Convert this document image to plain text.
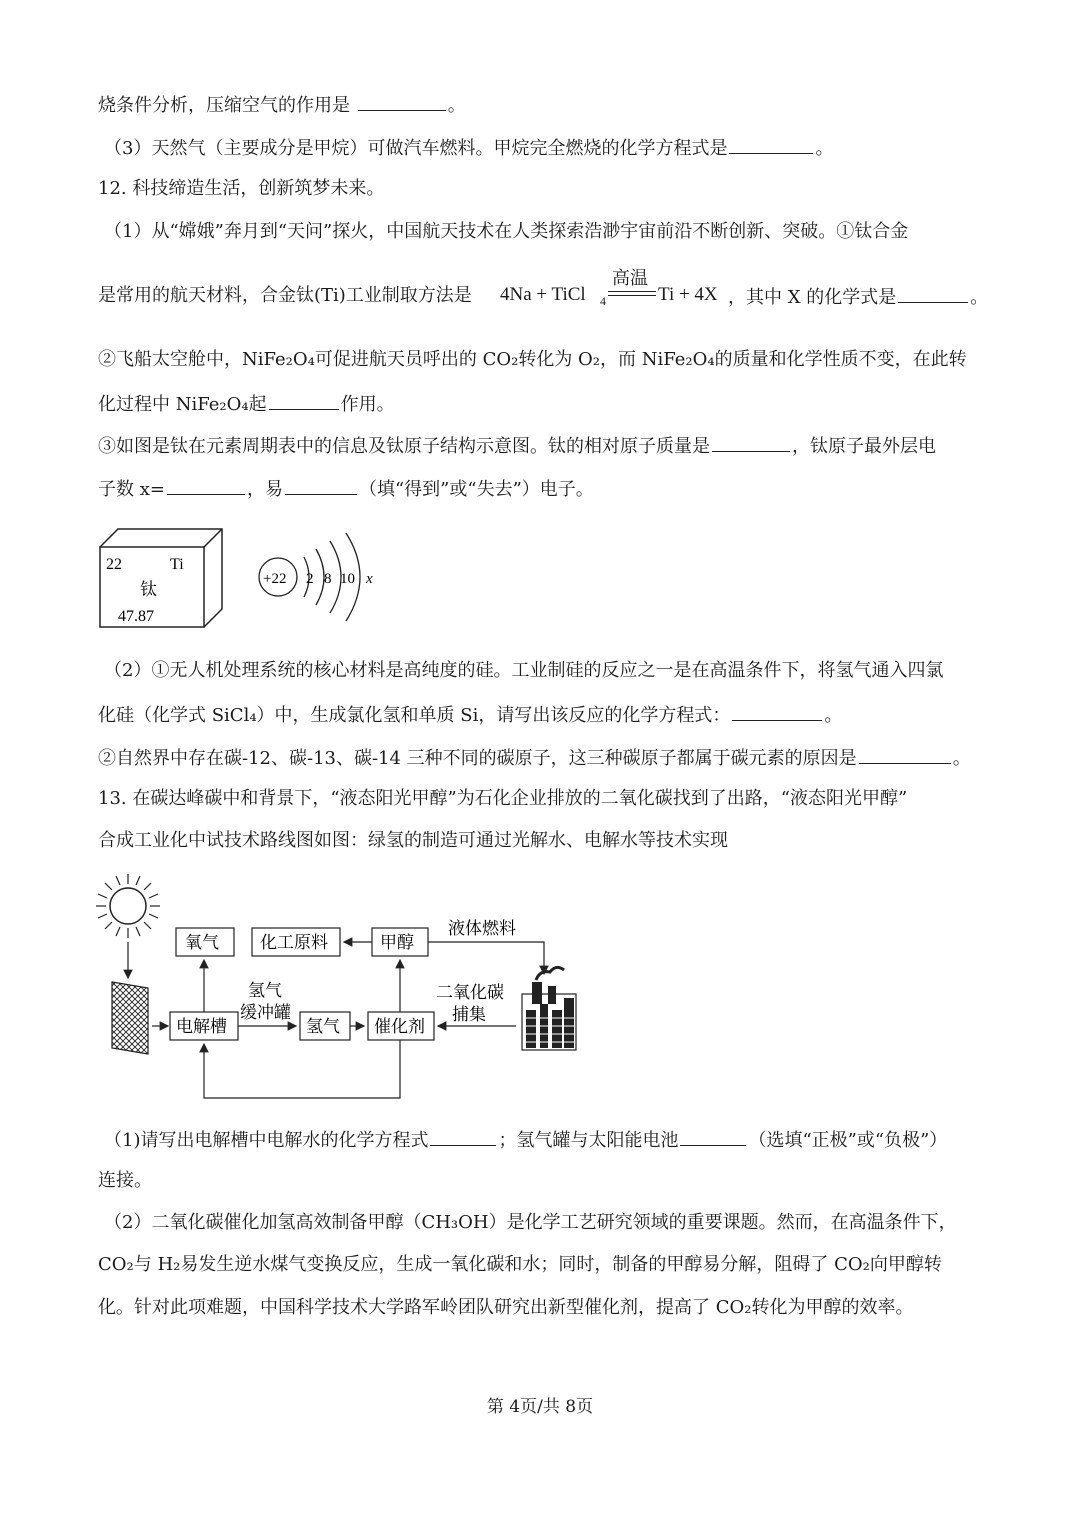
烧条件分析，压缩空气的作用是	。
（3）天然气（主要成分是甲烷）可做汽车燃料。甲烷完全燃烧的化学方程式是	。
12. 科技缔造生活，创新筑梦未来。
（1）从“嫦娥”奔月到“天问”探火，中国航天技术在人类探索浩渺宇宙前沿不断创新、突破。①钛合金
是常用的航天材料，合金钛(Ti)工业制取方法是 4Na + TiCl 4
高温
Ti + 4X ，其中 X 的化学式是	。
②飞船太空舱中，NiFe₂O₄可促进航天员呼出的 CO₂转化为 O₂，而 NiFe₂O₄的质量和化学性质不变，在此转
化过程中 NiFe₂O₄起	作用。
③如图是钛在元素周期表中的信息及钛原子结构示意图。钛的相对原子质量是	，钛原子最外层电
子数 x=	，易	（填“得到”或“失去”）电子。
22	Ti
钛
47.87
+22 2 8 10 x
（2）①无人机处理系统的核心材料是高纯度的硅。工业制硅的反应之一是在高温条件下，将氢气通入四氯
化硅（化学式 SiCl₄）中，生成氯化氢和单质 Si，请写出该反应的化学方程式：	。
②自然界中存在碳-12、碳-13、碳-14 三种不同的碳原子，这三种碳原子都属于碳元素的原因是	。
13. 在碳达峰碳中和背景下，“液态阳光甲醇”为石化企业排放的二氧化碳找到了出路，“液态阳光甲醇”
合成工业化中试技术路线图如图：绿氢的制造可通过光解水、电解水等技术实现
氧气 化工原料	甲醇
液体燃料
电解槽
氢气
缓冲罐
氢气 催化剂
二氧化碳
捕集
（1)请写出电解槽中电解水的化学方程式	；氢气罐与太阳能电池	（选填“正极”或“负极”）
连接。
（2）二氧化碳催化加氢高效制备甲醇（CH₃OH）是化学工艺研究领域的重要课题。然而，在高温条件下，
CO₂与 H₂易发生逆水煤气变换反应，生成一氧化碳和水；同时，制备的甲醇易分解，阻碍了 CO₂向甲醇转
化。针对此项难题，中国科学技术大学路军岭团队研究出新型催化剂，提高了 CO₂转化为甲醇的效率。
第 4页/共 8页
